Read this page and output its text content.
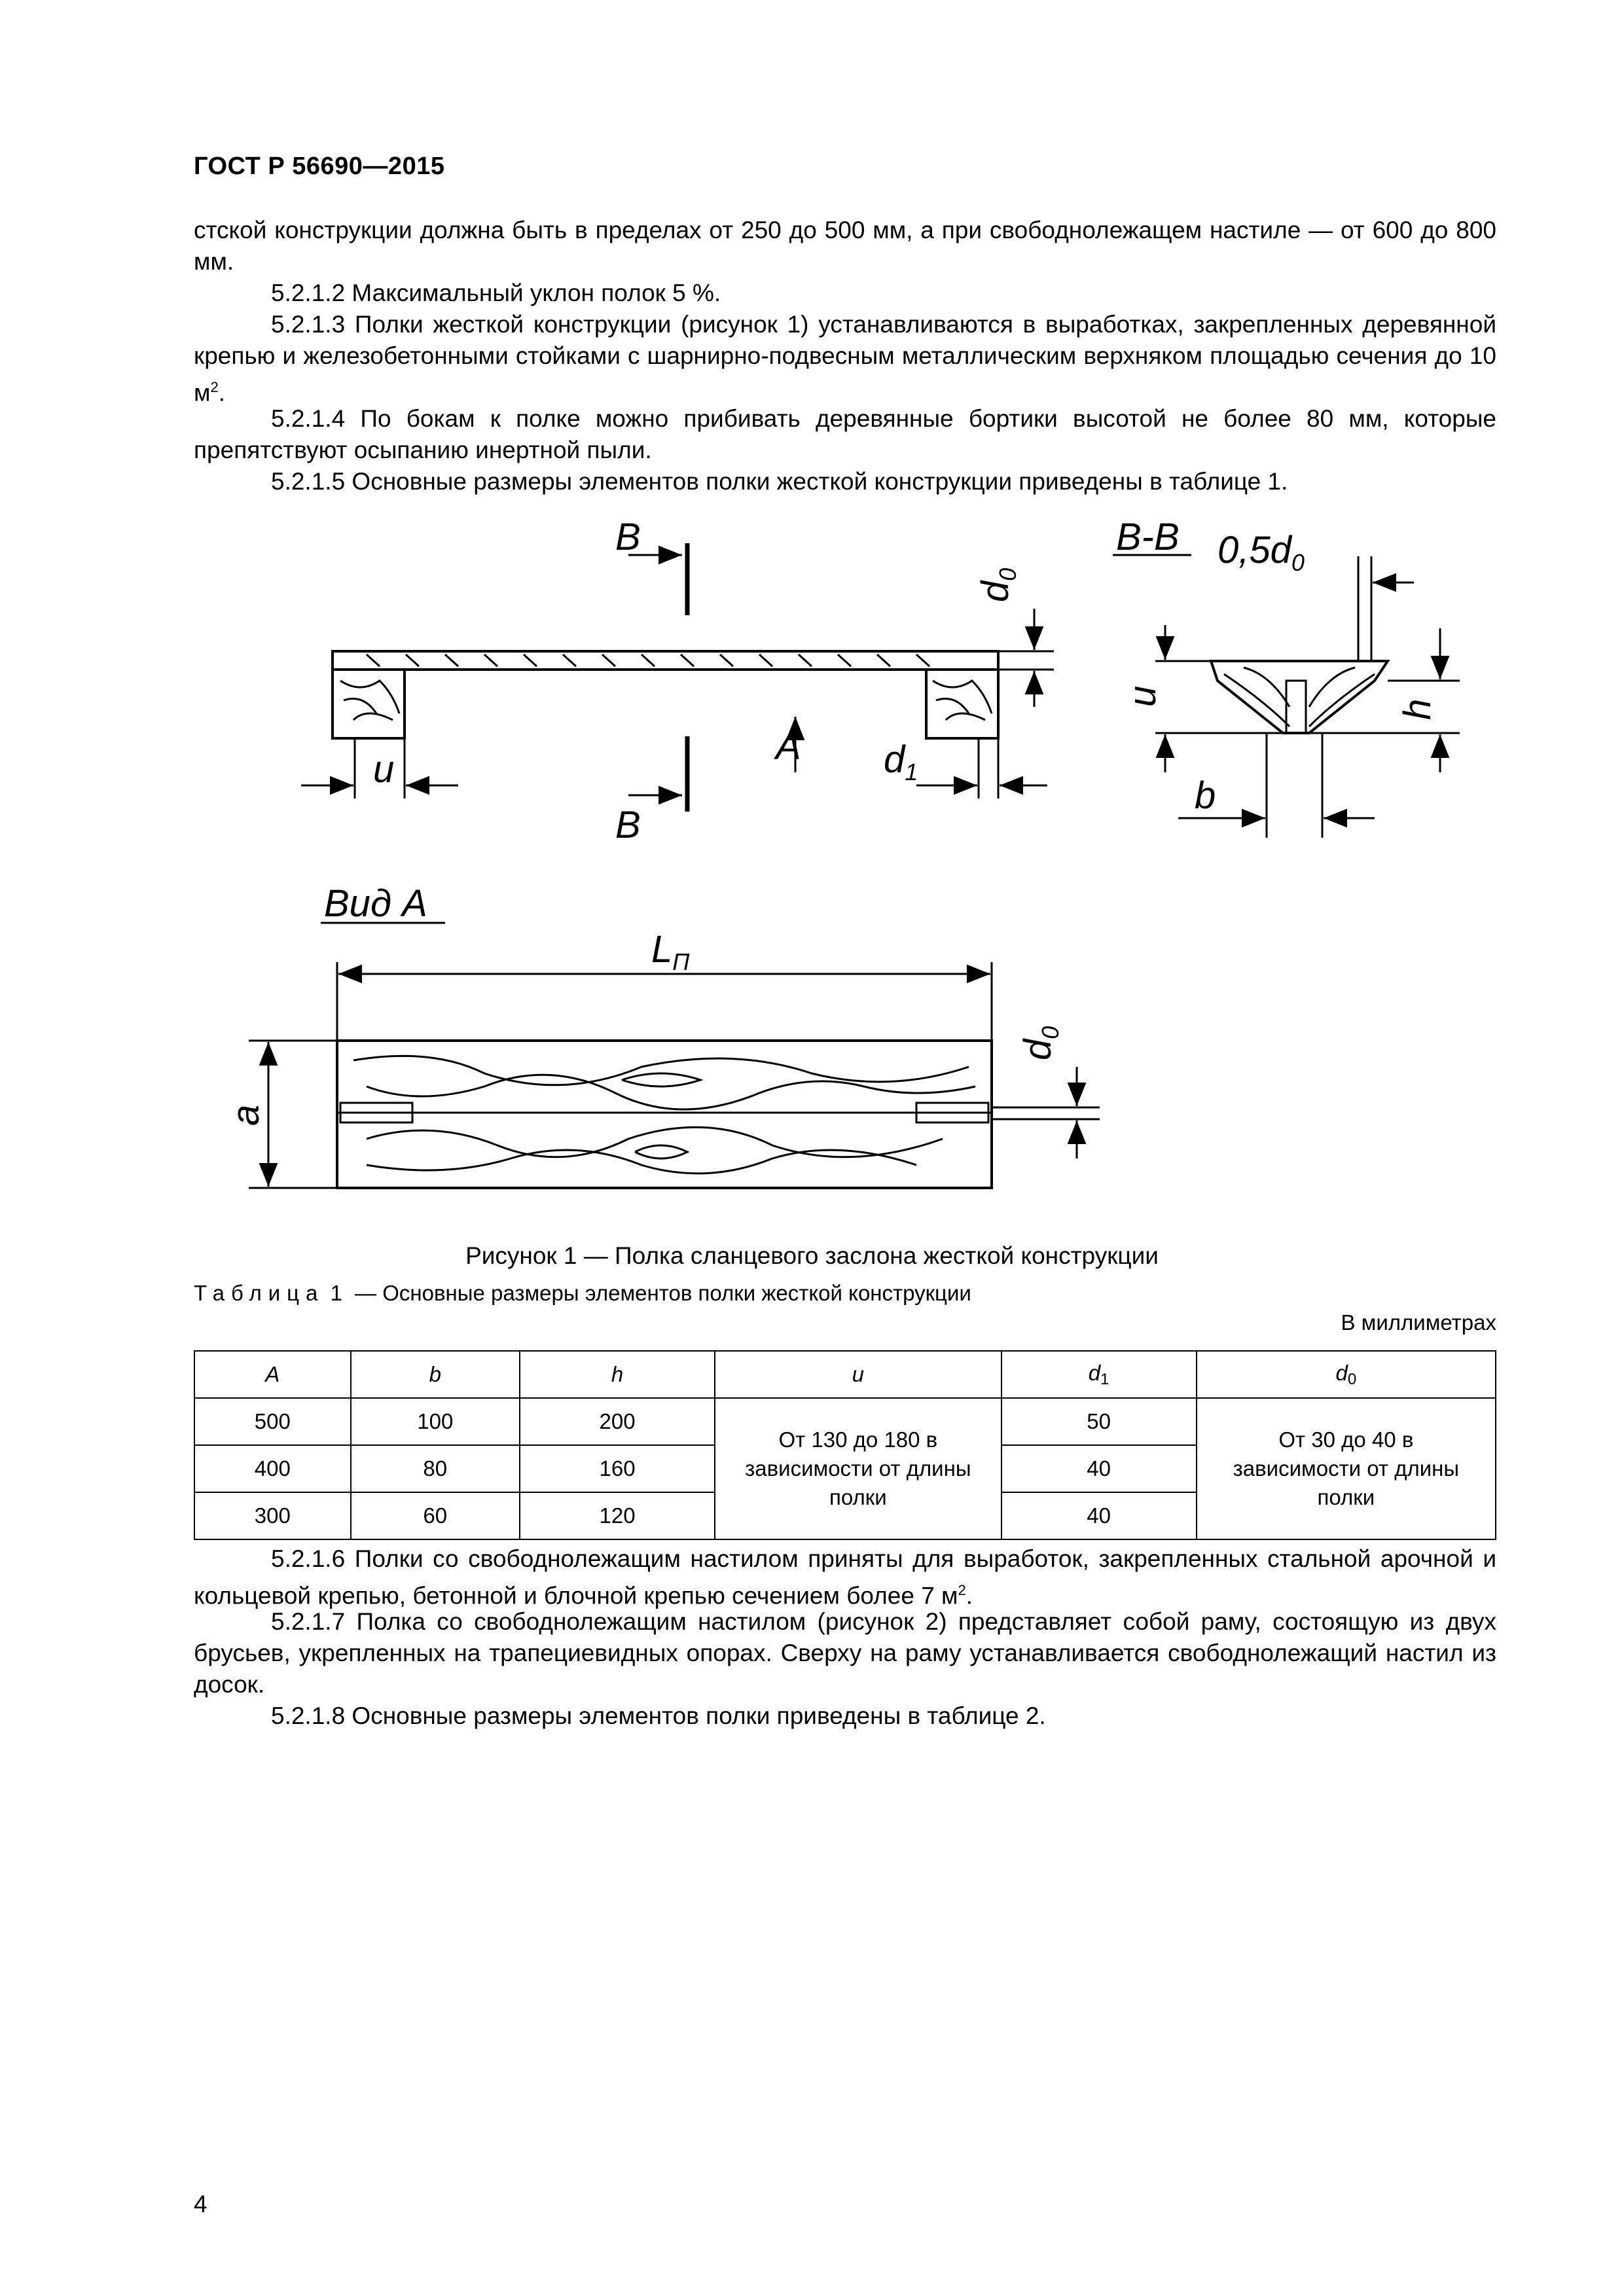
ГОСТ Р 56690—2015
стской конструкции должна быть в пределах от 250 до 500 мм, а при свободнолежащем настиле — от 600 до 800 мм.
5.2.1.2 Максимальный уклон полок 5 %.
5.2.1.3 Полки жесткой конструкции (рисунок 1) устанавливаются в выработках, закрепленных деревянной крепью и железобетонными стойками с шарнирно-подвесным металлическим верхняком площадью сечения до 10 $м^2$.
5.2.1.4 По бокам к полке можно прибивать деревянные бортики высотой не более 80 мм, которые препятствуют осыпанию инертной пыли.
5.2.1.5 Основные размеры элементов полки жесткой конструкции приведены в таблице 1.
B
B
A
u	$d_1$
$d_0$
B-B $0,5d_0$
u
h
b
Вид А
$L_П$
a
$d_0$
Рисунок 1 — Полка сланцевого заслона жесткой конструкции
Таблица 1 — Основные размеры элементов полки жесткой конструкции
В миллиметрах
A	b	h	u	$d_1$	$d_0$
500	100	200	От 130 до 180 в зависимости от длины полки	50	От 30 до 40 в зависимости от длины полки
400	80	160		40	
300	60	120		40	
5.2.1.6 Полки со свободнолежащим настилом приняты для выработок, закрепленных стальной арочной и кольцевой крепью, бетонной и блочной крепью сечением более 7 $м^2$.
5.2.1.7 Полка со свободнолежащим настилом (рисунок 2) представляет собой раму, состоящую из двух брусьев, укрепленных на трапециевидных опорах. Сверху на раму устанавливается свободнолежащий настил из досок.
5.2.1.8 Основные размеры элементов полки приведены в таблице 2.
4
